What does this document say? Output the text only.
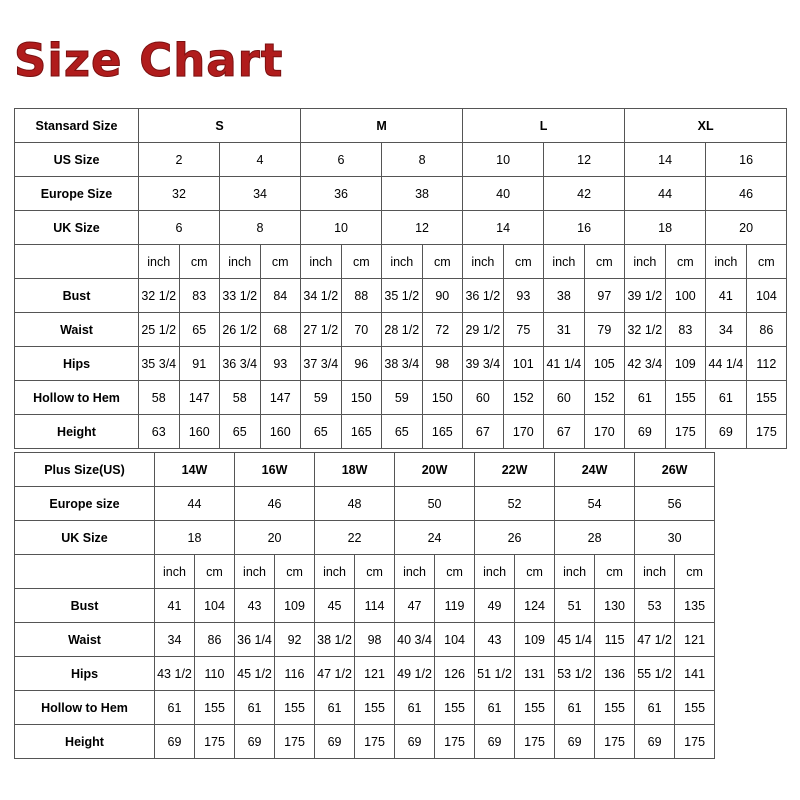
Size Chart
Stansard Size	S				M				L				XL			
US Size	2		4		6		8		10		12		14		16	
Europe Size	32		34		36		38		40		42		44		46	
UK Size	6		8		10		12		14		16		18		20	
	inch	cm	inch	cm	inch	cm	inch	cm	inch	cm	inch	cm	inch	cm	inch	cm
Bust	32 1/2	83	33 1/2	84	34 1/2	88	35 1/2	90	36 1/2	93	38	97	39 1/2	100	41	104
Waist	25 1/2	65	26 1/2	68	27 1/2	70	28 1/2	72	29 1/2	75	31	79	32 1/2	83	34	86
Hips	35 3/4	91	36 3/4	93	37 3/4	96	38 3/4	98	39 3/4	101	41 1/4	105	42 3/4	109	44 1/4	112
Hollow to Hem	58	147	58	147	59	150	59	150	60	152	60	152	61	155	61	155
Height	63	160	65	160	65	165	65	165	67	170	67	170	69	175	69	175
Plus Size(US)	14W		16W		18W		20W		22W		24W		26W	
Europe size	44		46		48		50		52		54		56	
UK Size	18		20		22		24		26		28		30	
	inch	cm	inch	cm	inch	cm	inch	cm	inch	cm	inch	cm	inch	cm
Bust	41	104	43	109	45	114	47	119	49	124	51	130	53	135
Waist	34	86	36 1/4	92	38 1/2	98	40 3/4	104	43	109	45 1/4	115	47 1/2	121
Hips	43 1/2	110	45 1/2	116	47 1/2	121	49 1/2	126	51 1/2	131	53 1/2	136	55 1/2	141
Hollow to Hem	61	155	61	155	61	155	61	155	61	155	61	155	61	155
Height	69	175	69	175	69	175	69	175	69	175	69	175	69	175
